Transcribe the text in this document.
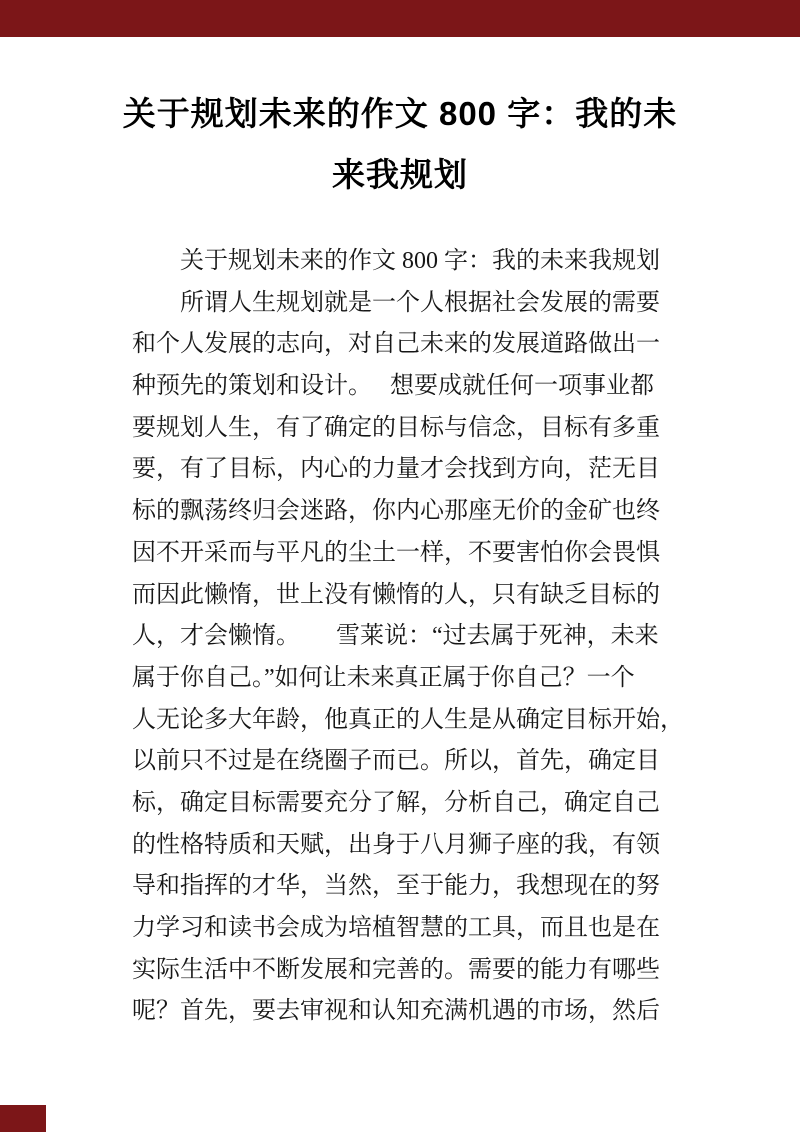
关于规划未来的作文 800 字：我的未
来我规划
　　关于规划未来的作文 800 字：我的未来我规划
　　所谓人生规划就是一个人根据社会发展的需要
和个人发展的志向，对自己未来的发展道路做出一
种预先的策划和设计。　 想要成就任何一项事业都
要规划人生，有了确定的目标与信念，目标有多重
要，有了目标，内心的力量才会找到方向，茫无目
标的飘荡终归会迷路，你内心那座无价的金矿也终
因不开采而与平凡的尘土一样，不要害怕你会畏惧
而因此懒惰，世上没有懒惰的人，只有缺乏目标的
人，才会懒惰。　　雪莱说：“过去属于死神，未来
属于你自己。”如何让未来真正属于你自己？一个
人无论多大年龄，他真正的人生是从确定目标开始，
以前只不过是在绕圈子而已。所以，首先，确定目
标，确定目标需要充分了解，分析自己，确定自己
的性格特质和天赋，出身于八月狮子座的我，有领
导和指挥的才华，当然，至于能力，我想现在的努
力学习和读书会成为培植智慧的工具，而且也是在
实际生活中不断发展和完善的。需要的能力有哪些
呢？首先，要去审视和认知充满机遇的市场，然后
